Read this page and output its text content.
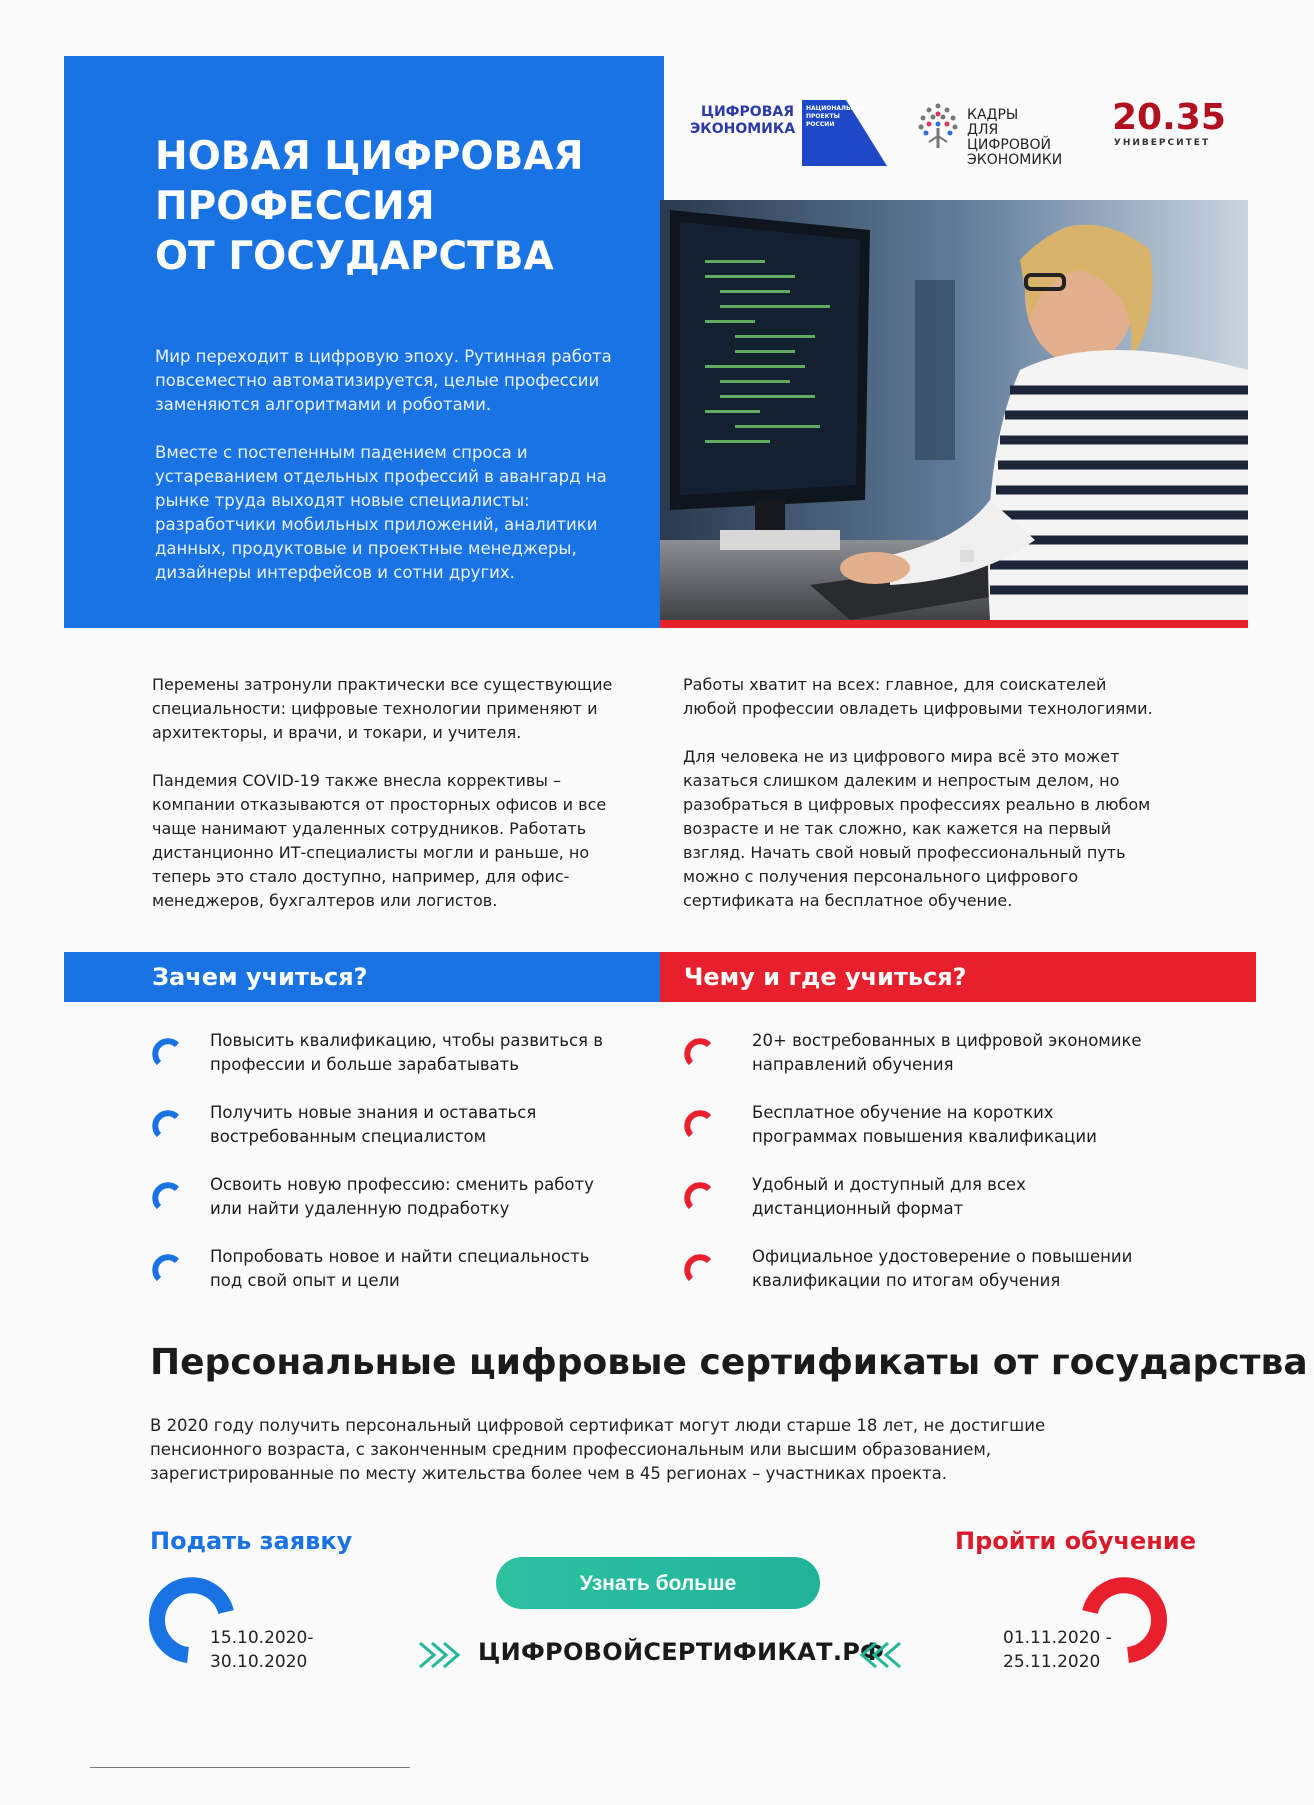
НОВАЯ ЦИФРОВАЯ
ПРОФЕССИЯ
ОТ ГОСУДАРСТВА
Мир переходит в цифровую эпоху. Рутинная работа повсеместно автоматизируется, целые профессии заменяются алгоритмами и роботами.
Вместе с постепенным падением спроса и устареванием отдельных профессий в авангард на рынке труда выходят новые специалисты: разработчики мобильных приложений, аналитики данных, продуктовые и проектные менеджеры, дизайнеры интерфейсов и сотни других.
ЦИФРОВАЯ
ЭКОНОМИКА
НАЦИОНАЛЬНЫЕ
ПРОЕКТЫ
РОССИИ
КАДРЫ
ДЛЯ ЦИФРОВОЙ
ЭКОНОМИКИ
20.35
УНИВЕРСИТЕТ

Перемены затронули практически все существующие специальности: цифровые технологии применяют и архитекторы, и врачи, и токари, и учителя.

Пандемия COVID-19 также внесла коррективы – компании отказываются от просторных офисов и все чаще нанимают удаленных сотрудников. Работать дистанционно ИТ-специалисты могли и раньше, но теперь это стало доступно, например, для офис-менеджеров, бухгалтеров или логистов.

Работы хватит на всех: главное, для соискателей любой профессии овладеть цифровыми технологиями.

Для человека не из цифрового мира всё это может казаться слишком далеким и непростым делом, но разобраться в цифровых профессиях реально в любом возрасте и не так сложно, как кажется на первый взгляд. Начать свой новый профессиональный путь можно с получения персонального цифрового сертификата на бесплатное обучение.

Зачем учиться?	Чему и где учиться?
Повысить квалификацию, чтобы развиться в профессии и больше зарабатывать
Получить новые знания и оставаться востребованным специалистом
Освоить новую профессию: сменить работу или найти удаленную подработку
Попробовать новое и найти специальность под свой опыт и цели
20+ востребованных в цифровой экономике направлений обучения
Бесплатное обучение на коротких программах повышения квалификации
Удобный и доступный для всех дистанционный формат
Официальное удостоверение о повышении квалификации по итогам обучения
Персональные цифровые сертификаты от государства
В 2020 году получить персональный цифровой сертификат могут люди старше 18 лет, не достигшие пенсионного возраста, с законченным средним профессиональным или высшим образованием, зарегистрированные по месту жительства более чем в 45 регионах – участниках проекта.
Подать заявку
15.10.2020-
30.10.2020
Узнать больше
ЦИФРОВОЙСЕРТИФИКАТ.РФ
Пройти обучение
01.11.2020 -
25.11.2020
